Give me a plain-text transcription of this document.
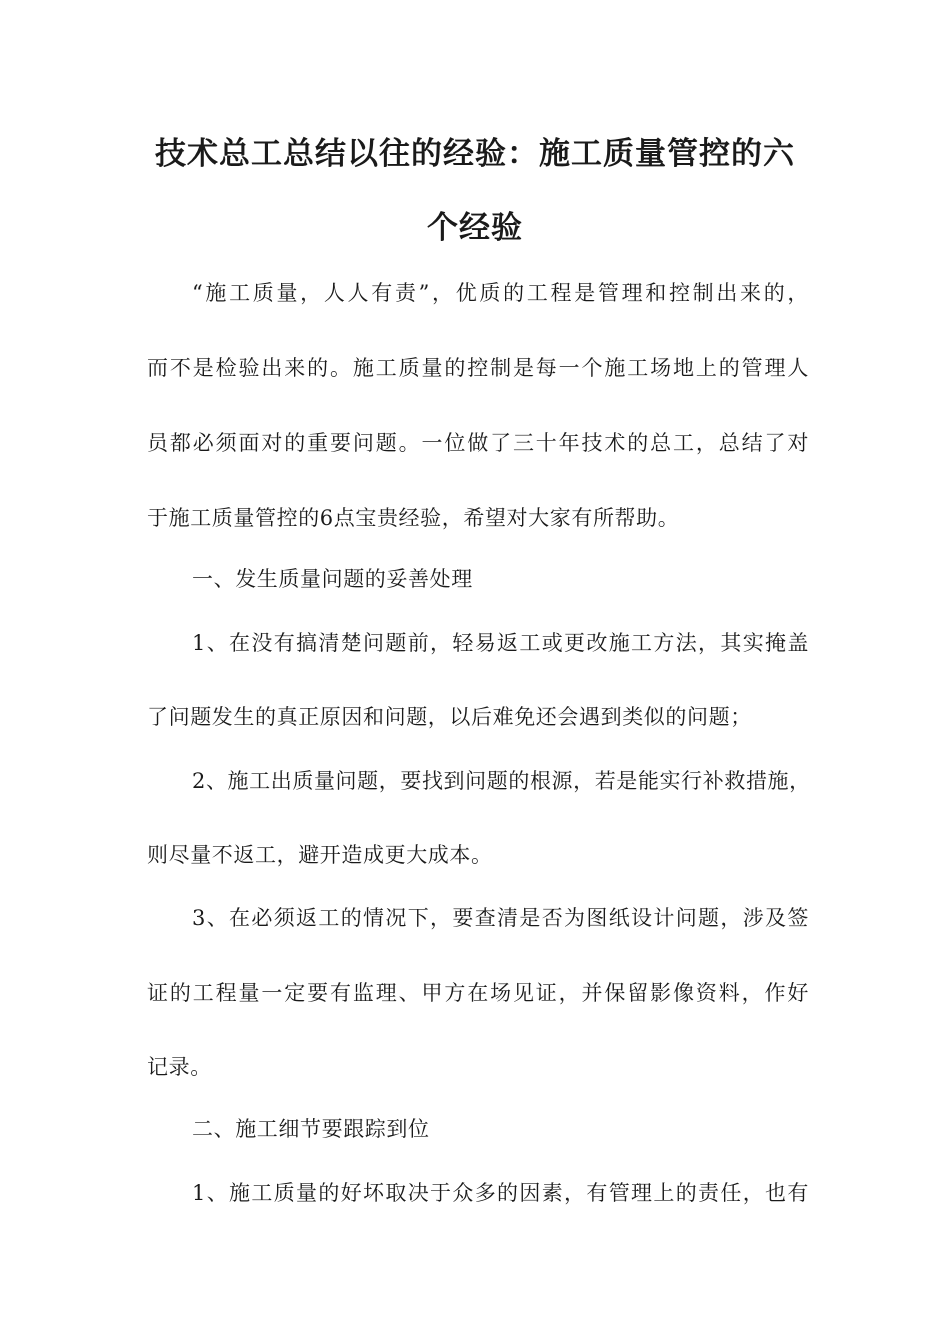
技术总工总结以往的经验：施工质量管控的六
个经验

“施工质量，人人有责”，优质的工程是管理和控制出来的，

而不是检验出来的。施工质量的控制是每一个施工场地上的管理人

员都必须面对的重要问题。一位做了三十年技术的总工，总结了对

于施工质量管控的6点宝贵经验，希望对大家有所帮助。

一、发生质量问题的妥善处理

1、在没有搞清楚问题前，轻易返工或更改施工方法，其实掩盖

了问题发生的真正原因和问题，以后难免还会遇到类似的问题；

2、施工出质量问题，要找到问题的根源，若是能实行补救措施，

则尽量不返工，避开造成更大成本。

3、在必须返工的情况下，要查清是否为图纸设计问题，涉及签

证的工程量一定要有监理、甲方在场见证，并保留影像资料，作好

记录。

二、施工细节要跟踪到位

1、施工质量的好坏取决于众多的因素，有管理上的责任，也有
